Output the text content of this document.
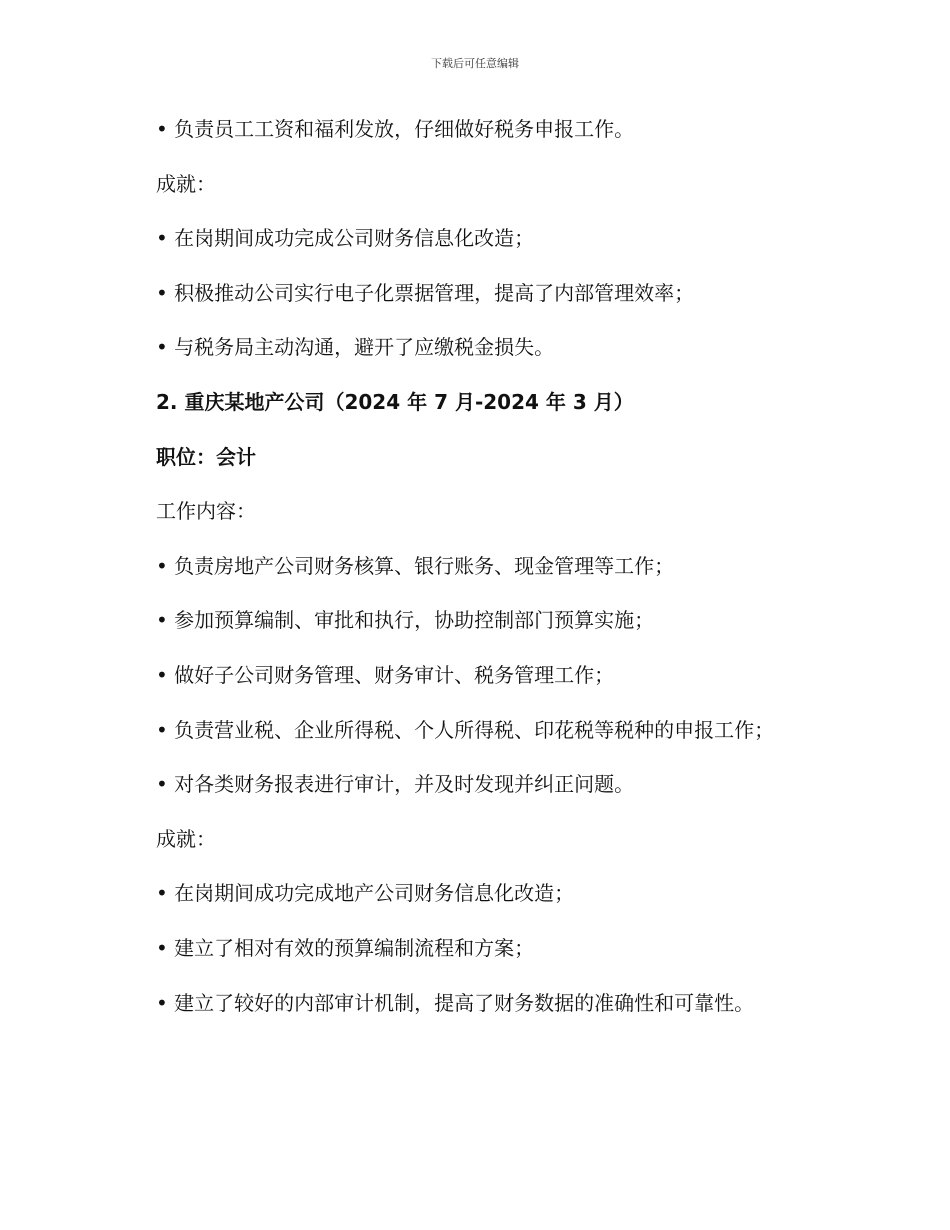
下载后可任意编辑
• 负责员工工资和福利发放，仔细做好税务申报工作。
成就：
• 在岗期间成功完成公司财务信息化改造；
• 积极推动公司实行电子化票据管理，提高了内部管理效率；
• 与税务局主动沟通，避开了应缴税金损失。
2. 重庆某地产公司（2024 年 7 月-2024 年 3 月）
职位：会计
工作内容：
• 负责房地产公司财务核算、银行账务、现金管理等工作；
• 参加预算编制、审批和执行，协助控制部门预算实施；
• 做好子公司财务管理、财务审计、税务管理工作；
• 负责营业税、企业所得税、个人所得税、印花税等税种的申报工作；
• 对各类财务报表进行审计，并及时发现并纠正问题。
成就：
• 在岗期间成功完成地产公司财务信息化改造；
• 建立了相对有效的预算编制流程和方案；
• 建立了较好的内部审计机制，提高了财务数据的准确性和可靠性。
